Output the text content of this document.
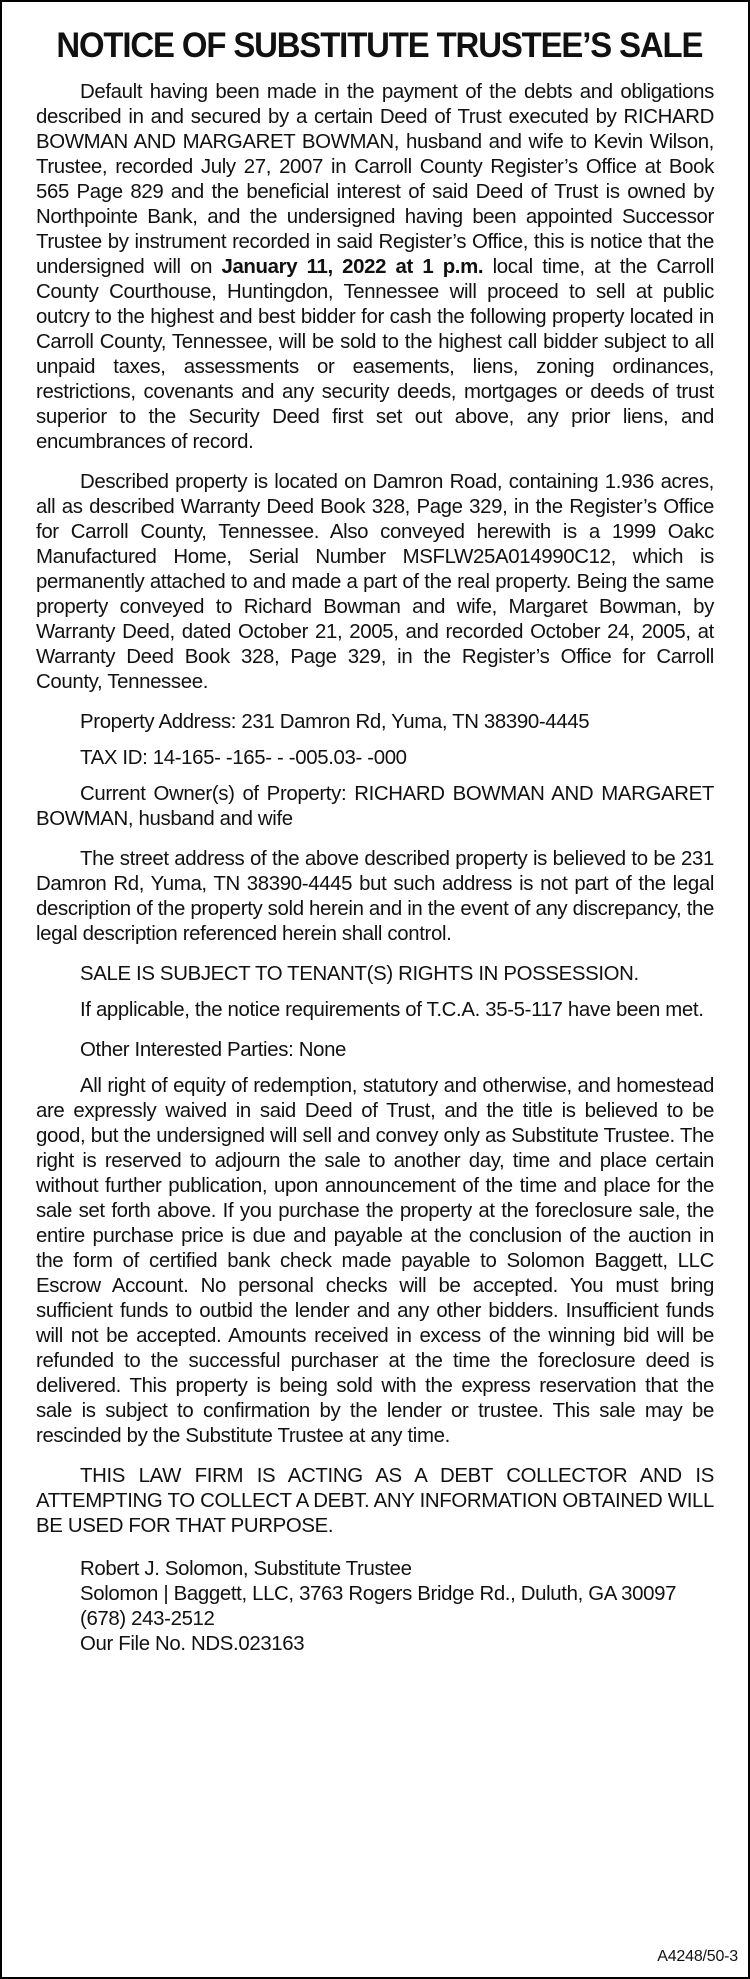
NOTICE OF SUBSTITUTE TRUSTEE’S SALE

Default having been made in the payment of the debts and obligations described in and secured by a certain Deed of Trust executed by RICHARD BOWMAN AND MARGARET BOWMAN, husband and wife to Kevin Wilson, Trustee, recorded July 27, 2007 in Carroll County Register’s Office at Book 565 Page 829 and the beneficial interest of said Deed of Trust is owned by Northpointe Bank, and the undersigned having been appointed Successor Trustee by instrument recorded in said Register’s Office, this is notice that the undersigned will on January 11, 2022 at 1 p.m. local time, at the Carroll County Courthouse, Huntingdon, Tennessee will proceed to sell at public outcry to the highest and best bidder for cash the following property located in Carroll County, Tennessee, will be sold to the highest call bidder subject to all unpaid taxes, assessments or easements, liens, zoning ordinances, restrictions, covenants and any security deeds, mortgages or deeds of trust superior to the Security Deed first set out above, any prior liens, and encumbrances of record.

Described property is located on Damron Road, containing 1.936 acres, all as described Warranty Deed Book 328, Page 329, in the Register’s Office for Carroll County, Tennessee. Also conveyed herewith is a 1999 Oakc Manufactured Home, Serial Number MSFLW25A014990C12, which is permanently attached to and made a part of the real property. Being the same property conveyed to Richard Bowman and wife, Margaret Bowman, by Warranty Deed, dated October 21, 2005, and recorded October 24, 2005, at Warranty Deed Book 328, Page 329, in the Register’s Office for Carroll County, Tennessee.

Property Address: 231 Damron Rd, Yuma, TN 38390-4445

TAX ID: 14-165- -165- - -005.03- -000

Current Owner(s) of Property: RICHARD BOWMAN AND MARGARET BOWMAN, husband and wife

The street address of the above described property is believed to be 231 Damron Rd, Yuma, TN 38390-4445 but such address is not part of the legal description of the property sold herein and in the event of any discrepancy, the legal description referenced herein shall control.

SALE IS SUBJECT TO TENANT(S) RIGHTS IN POSSESSION.

If applicable, the notice requirements of T.C.A. 35-5-117 have been met.

Other Interested Parties: None

All right of equity of redemption, statutory and otherwise, and homestead are expressly waived in said Deed of Trust, and the title is believed to be good, but the undersigned will sell and convey only as Substitute Trustee. The right is reserved to adjourn the sale to another day, time and place certain without further publication, upon announcement of the time and place for the sale set forth above. If you purchase the property at the foreclosure sale, the entire purchase price is due and payable at the conclusion of the auction in the form of certified bank check made payable to Solomon Baggett, LLC Escrow Account. No personal checks will be accepted. You must bring sufficient funds to outbid the lender and any other bidders. Insufficient funds will not be accepted. Amounts received in excess of the winning bid will be refunded to the successful purchaser at the time the foreclosure deed is delivered. This property is being sold with the express reservation that the sale is subject to confirmation by the lender or trustee. This sale may be rescinded by the Substitute Trustee at any time.

THIS LAW FIRM IS ACTING AS A DEBT COLLECTOR AND IS ATTEMPTING TO COLLECT A DEBT. ANY INFORMATION OBTAINED WILL BE USED FOR THAT PURPOSE.

Robert J. Solomon, Substitute Trustee
Solomon | Baggett, LLC, 3763 Rogers Bridge Rd., Duluth, GA 30097
(678) 243-2512
Our File No. NDS.023163
A4248/50-3
